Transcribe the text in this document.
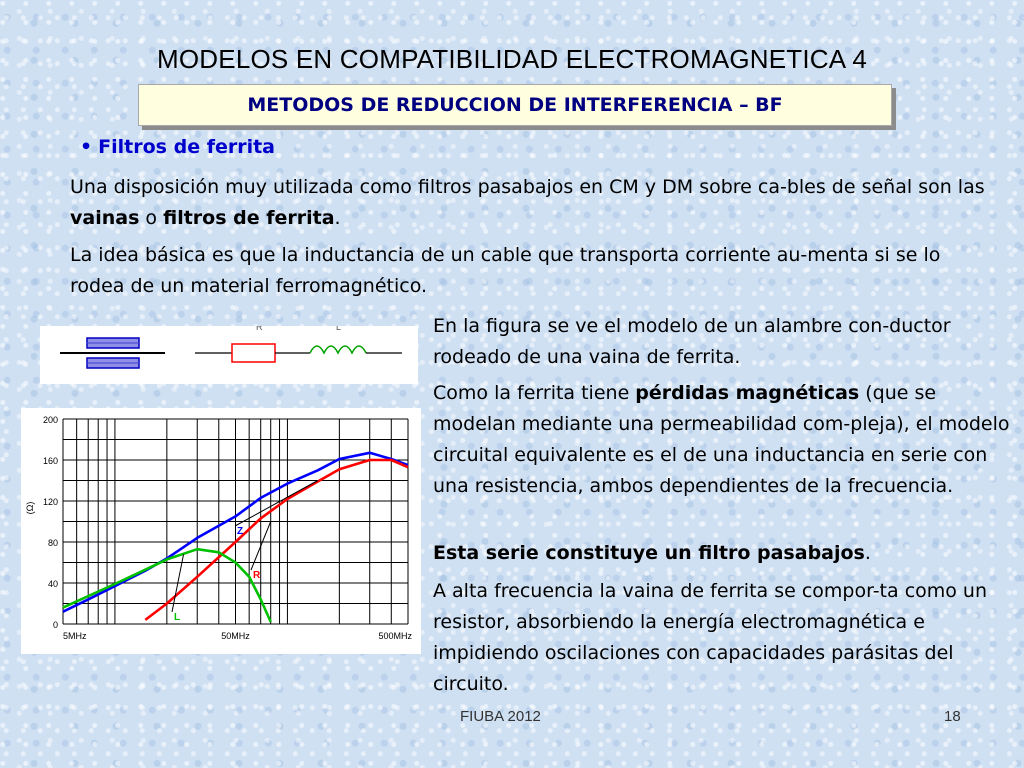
MODELOS EN COMPATIBILIDAD ELECTROMAGNETICA 4
METODOS DE REDUCCION DE INTERFERENCIA – BF
• Filtros de ferrita

Una disposición muy utilizada como filtros pasabajos en CM y DM sobre ca-bles de señal son las vainas o filtros de ferrita.

La idea básica es que la inductancia de un cable que transporta corriente au-menta si se lo rodea de un material ferromagnético.

R	L
0
40
80
120
160
200
5MHz	50MHz	500MHz
(Ω)
Z
R
L

En la figura se ve el modelo de un alambre con-ductor rodeado de una vaina de ferrita.

Como la ferrita tiene pérdidas magnéticas (que se modelan mediante una permeabilidad com-pleja), el modelo circuital equivalente es el de una inductancia en serie con una resistencia, ambos dependientes de la frecuencia.

Esta serie constituye un filtro pasabajos.

A alta frecuencia la vaina de ferrita se compor-ta como un resistor, absorbiendo la energía electromagnética e impidiendo oscilaciones con capacidades parásitas del circuito.

FIUBA 2012	18
